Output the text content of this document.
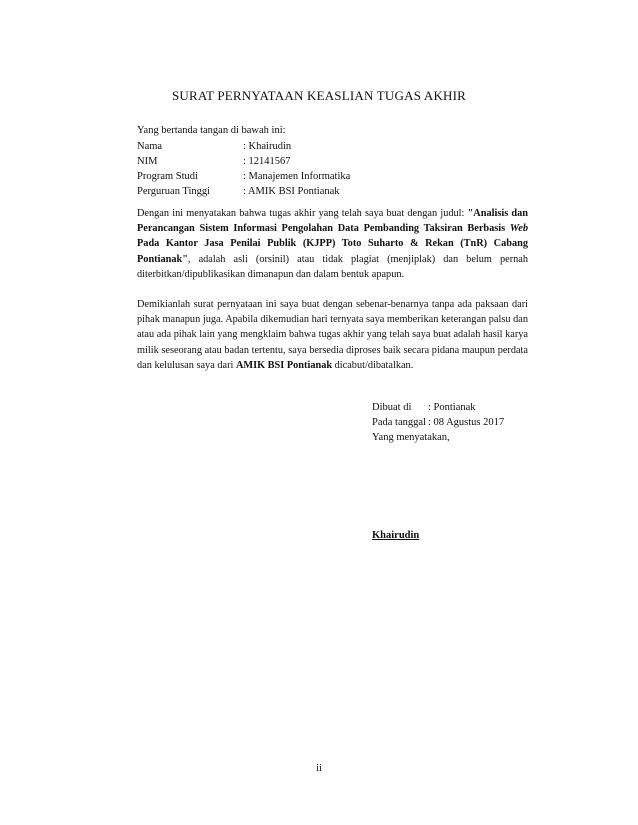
SURAT PERNYATAAN KEASLIAN TUGAS AKHIR
Yang bertanda tangan di bawah ini:
Nama	: Khairudin
NIM	: 12141567
Program Studi	: Manajemen Informatika
Perguruan Tinggi	: AMIK BSI Pontianak
Dengan ini menyatakan bahwa tugas akhir yang telah saya buat dengan judul: "Analisis dan Perancangan Sistem Informasi Pengolahan Data Pembanding Taksiran Berbasis Web Pada Kantor Jasa Penilai Publik (KJPP) Toto Suharto & Rekan (TnR) Cabang Pontianak", adalah asli (orsinil) atau tidak plagiat (menjiplak) dan belum pernah diterbitkan/dipublikasikan dimanapun dan dalam bentuk apapun.
Demikianlah surat pernyataan ini saya buat dengan sebenar-benarnya tanpa ada paksaan dari pihak manapun juga. Apabila dikemudian hari ternyata saya memberikan keterangan palsu dan atau ada pihak lain yang mengklaim bahwa tugas akhir yang telah saya buat adalah hasil karya milik seseorang atau badan tertentu, saya bersedia diproses baik secara pidana maupun perdata dan kelulusan saya dari AMIK BSI Pontianak dicabut/dibatalkan.
Dibuat di : Pontianak
Pada tanggal : 08 Agustus 2017
Yang menyatakan,
Khairudin
ii
